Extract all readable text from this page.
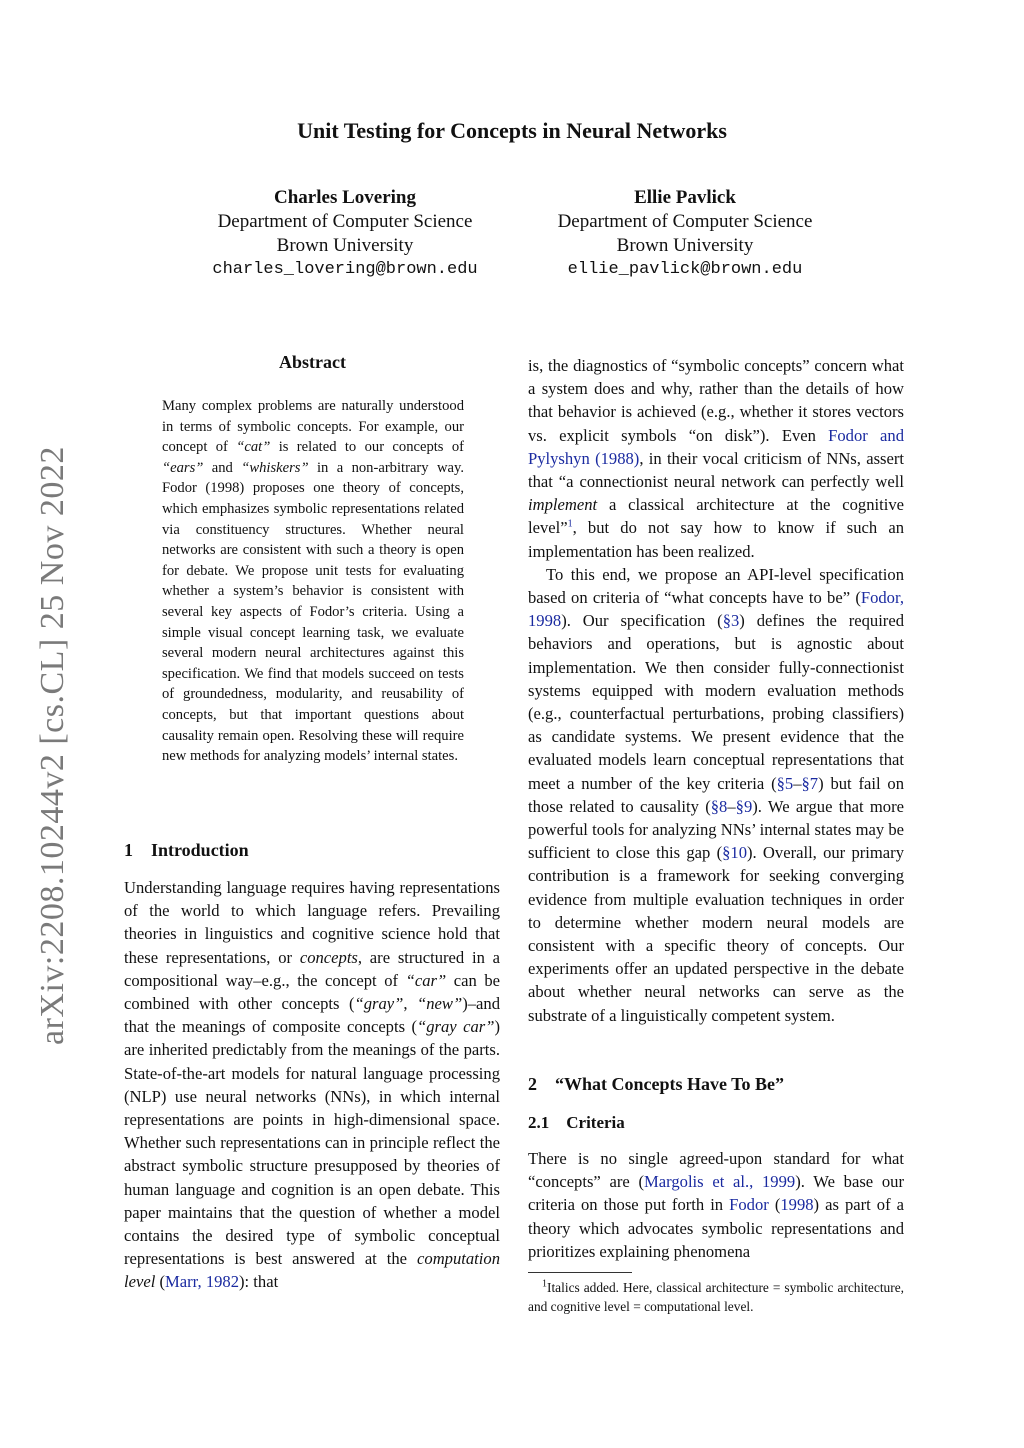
arXiv:2208.10244v2 [cs.CL] 25 Nov 2022
Unit Testing for Concepts in Neural Networks
Charles Lovering
Department of Computer Science
Brown University
charles_lovering@brown.edu
Ellie Pavlick
Department of Computer Science
Brown University
ellie_pavlick@brown.edu
Abstract

Many complex problems are naturally understood in terms of symbolic concepts. For example, our concept of “cat” is related to our concepts of “ears” and “whiskers” in a non-arbitrary way. Fodor (1998) proposes one theory of concepts, which emphasizes symbolic representations related via constituency structures. Whether neural networks are consistent with such a theory is open for debate. We propose unit tests for evaluating whether a system’s behavior is consistent with several key aspects of Fodor’s criteria. Using a simple visual concept learning task, we evaluate several modern neural architectures against this specification. We find that models succeed on tests of groundedness, modularity, and reusability of concepts, but that important questions about causality remain open. Resolving these will require new methods for analyzing models’ internal states.

1    Introduction

Understanding language requires having representations of the world to which language refers. Prevailing theories in linguistics and cognitive science hold that these representations, or concepts, are structured in a compositional way–e.g., the concept of “car” can be combined with other concepts (“gray”, “new”)–and that the meanings of composite concepts (“gray car”) are inherited predictably from the meanings of the parts. State-of-the-art models for natural language processing (NLP) use neural networks (NNs), in which internal representations are points in high-dimensional space. Whether such representations can in principle reflect the abstract symbolic structure presupposed by theories of human language and cognition is an open debate. This paper maintains that the question of whether a model contains the desired type of symbolic conceptual representations is best answered at the computation level (Marr, 1982): that

is, the diagnostics of “symbolic concepts” concern what a system does and why, rather than the details of how that behavior is achieved (e.g., whether it stores vectors vs. explicit symbols “on disk”). Even Fodor and Pylyshyn (1988), in their vocal criticism of NNs, assert that “a connectionist neural network can perfectly well implement a classical architecture at the cognitive level”$^1$, but do not say how to know if such an implementation has been realized.

To this end, we propose an API-level specification based on criteria of “what concepts have to be” (Fodor, 1998). Our specification (§3) defines the required behaviors and operations, but is agnostic about implementation. We then consider fully-connectionist systems equipped with modern evaluation methods (e.g., counterfactual perturbations, probing classifiers) as candidate systems. We present evidence that the evaluated models learn conceptual representations that meet a number of the key criteria (§5–§7) but fail on those related to causality (§8–§9). We argue that more powerful tools for analyzing NNs’ internal states may be sufficient to close this gap (§10). Overall, our primary contribution is a framework for seeking converging evidence from multiple evaluation techniques in order to determine whether modern neural models are consistent with a specific theory of concepts. Our experiments offer an updated perspective in the debate about whether neural networks can serve as the substrate of a linguistically competent system.

2    “What Concepts Have To Be”
2.1    Criteria

There is no single agreed-upon standard for what “concepts” are (Margolis et al., 1999). We base our criteria on those put forth in Fodor (1998) as part of a theory which advocates symbolic representations and prioritizes explaining phenomena

$^1$Italics added. Here, classical architecture = symbolic architecture, and cognitive level = computational level.
